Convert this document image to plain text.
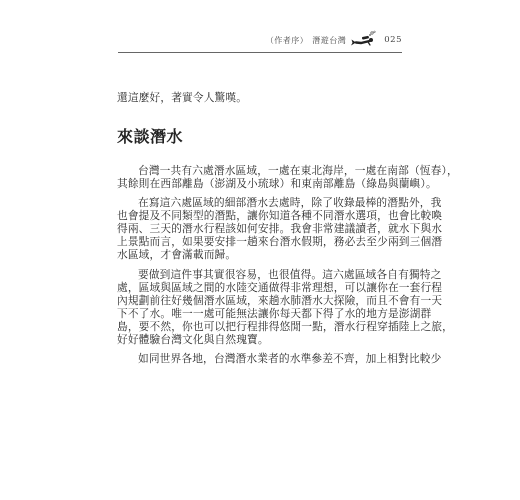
（作者序） 潛遊台灣	025
還這麼好，著實令人驚嘆。
來談潛水
台灣一共有六處潛水區域，一處在東北海岸，一處在南部（恆春），
其餘則在西部離島（澎湖及小琉球）和東南部離島（綠島與蘭嶼）。
在寫這六處區域的細部潛水去處時，除了收錄最棒的潛點外，我
也會提及不同類型的潛點，讓你知道各種不同潛水選項，也會比較喚
得兩、三天的潛水行程該如何安排。我會非常建議讀者，就水下與水
上景點而言，如果要安排一趟來台潛水假期，務必去至少兩到三個潛
水區域，才會滿載而歸。
要做到這件事其實很容易，也很值得。這六處區域各自有獨特之
處，區域與區域之間的水陸交通做得非常理想，可以讓你在一套行程
內規劃前往好幾個潛水區域，來趟水肺潛水大探險，而且不會有一天
下不了水。唯一一處可能無法讓你每天都下得了水的地方是澎湖群
島，要不然，你也可以把行程排得悠閒一點，潛水行程穿插陸上之旅，
好好體驗台灣文化與自然瑰寶。
如同世界各地，台灣潛水業者的水準參差不齊，加上相對比較少
